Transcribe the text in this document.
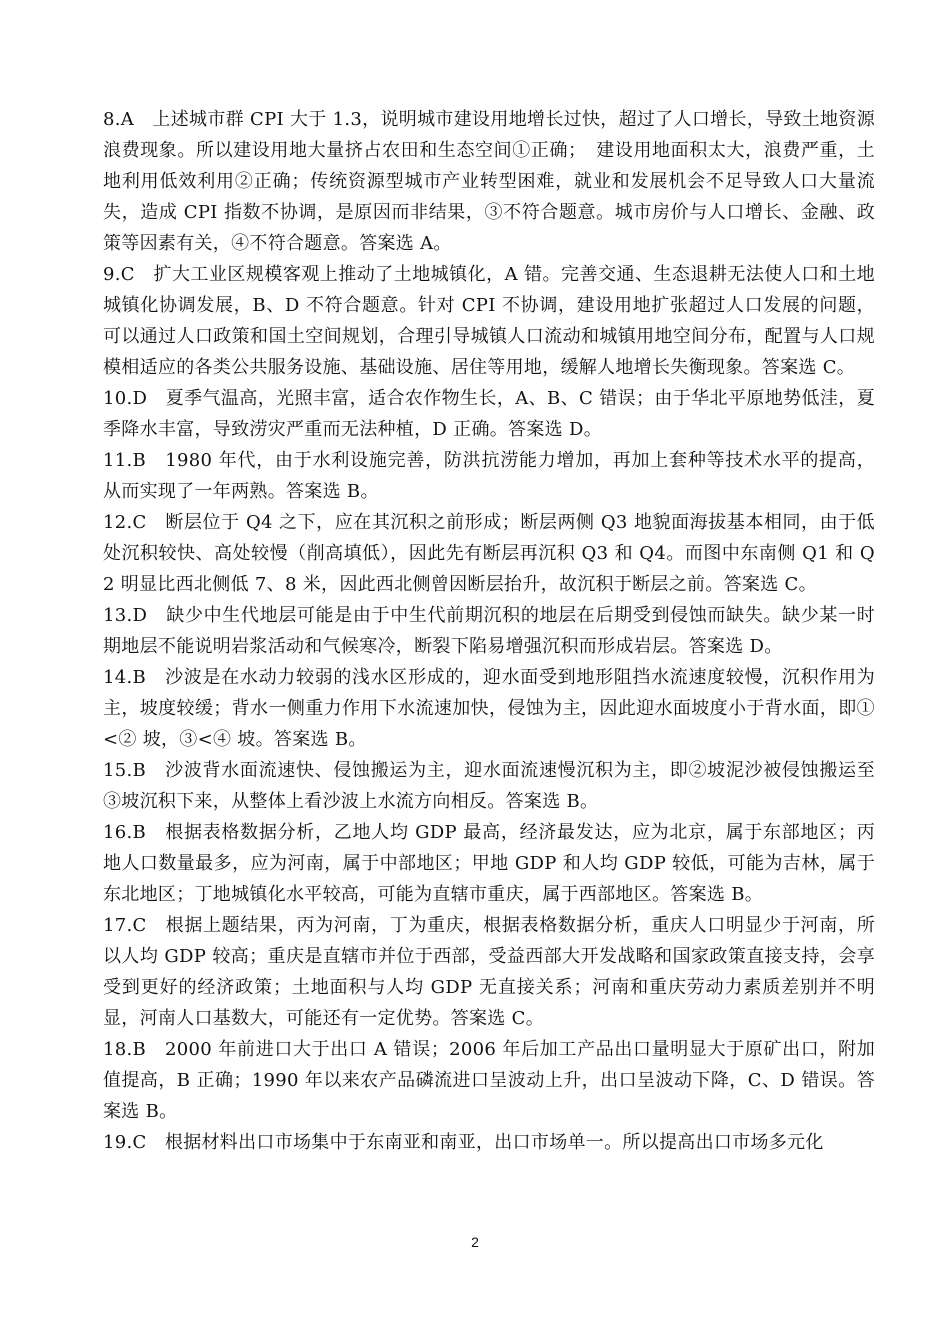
8.A　上述城市群 CPI 大于 1.3，说明城市建设用地增长过快，超过了人口增长，导致土地资源浪费现象。所以建设用地大量挤占农田和生态空间①正确；　建设用地面积太大，浪费严重，土地利用低效利用②正确；传统资源型城市产业转型困难，就业和发展机会不足导致人口大量流失，造成 CPI 指数不协调，是原因而非结果，③不符合题意。城市房价与人口增长、金融、政策等因素有关，④不符合题意。答案选 A。

9.C　扩大工业区规模客观上推动了土地城镇化，A 错。完善交通、生态退耕无法使人口和土地城镇化协调发展，B、D 不符合题意。针对 CPI 不协调，建设用地扩张超过人口发展的问题，可以通过人口政策和国土空间规划，合理引导城镇人口流动和城镇用地空间分布，配置与人口规模相适应的各类公共服务设施、基础设施、居住等用地，缓解人地增长失衡现象。答案选 C。

10.D　夏季气温高，光照丰富，适合农作物生长，A、B、C 错误；由于华北平原地势低洼，夏季降水丰富，导致涝灾严重而无法种植，D 正确。答案选 D。

11.B　1980 年代，由于水利设施完善，防洪抗涝能力增加，再加上套种等技术水平的提高，从而实现了一年两熟。答案选 B。

12.C　断层位于 Q4 之下，应在其沉积之前形成；断层两侧 Q3 地貌面海拔基本相同，由于低处沉积较快、高处较慢（削高填低），因此先有断层再沉积 Q3 和 Q4。而图中东南侧 Q1 和 Q2 明显比西北侧低 7、8 米，因此西北侧曾因断层抬升，故沉积于断层之前。答案选 C。

13.D　缺少中生代地层可能是由于中生代前期沉积的地层在后期受到侵蚀而缺失。缺少某一时期地层不能说明岩浆活动和气候寒冷，断裂下陷易增强沉积而形成岩层。答案选 D。

14.B　沙波是在水动力较弱的浅水区形成的，迎水面受到地形阻挡水流速度较慢，沉积作用为主，坡度较缓；背水一侧重力作用下水流速加快，侵蚀为主，因此迎水面坡度小于背水面，即①<② 坡，③<④ 坡。答案选 B。

15.B　沙波背水面流速快、侵蚀搬运为主，迎水面流速慢沉积为主，即②坡泥沙被侵蚀搬运至③坡沉积下来，从整体上看沙波上水流方向相反。答案选 B。

16.B　根据表格数据分析，乙地人均 GDP 最高，经济最发达，应为北京，属于东部地区；丙地人口数量最多，应为河南，属于中部地区；甲地 GDP 和人均 GDP 较低，可能为吉林，属于东北地区；丁地城镇化水平较高，可能为直辖市重庆，属于西部地区。答案选 B。

17.C　根据上题结果，丙为河南，丁为重庆，根据表格数据分析，重庆人口明显少于河南，所以人均 GDP 较高；重庆是直辖市并位于西部，受益西部大开发战略和国家政策直接支持，会享受到更好的经济政策；土地面积与人均 GDP 无直接关系；河南和重庆劳动力素质差别并不明显，河南人口基数大，可能还有一定优势。答案选 C。

18.B　2000 年前进口大于出口 A 错误；2006 年后加工产品出口量明显大于原矿出口，附加值提高，B 正确；1990 年以来农产品磷流进口呈波动上升，出口呈波动下降，C、D 错误。答案选 B。

19.C　根据材料出口市场集中于东南亚和南亚，出口市场单一。所以提高出口市场多元化

2
